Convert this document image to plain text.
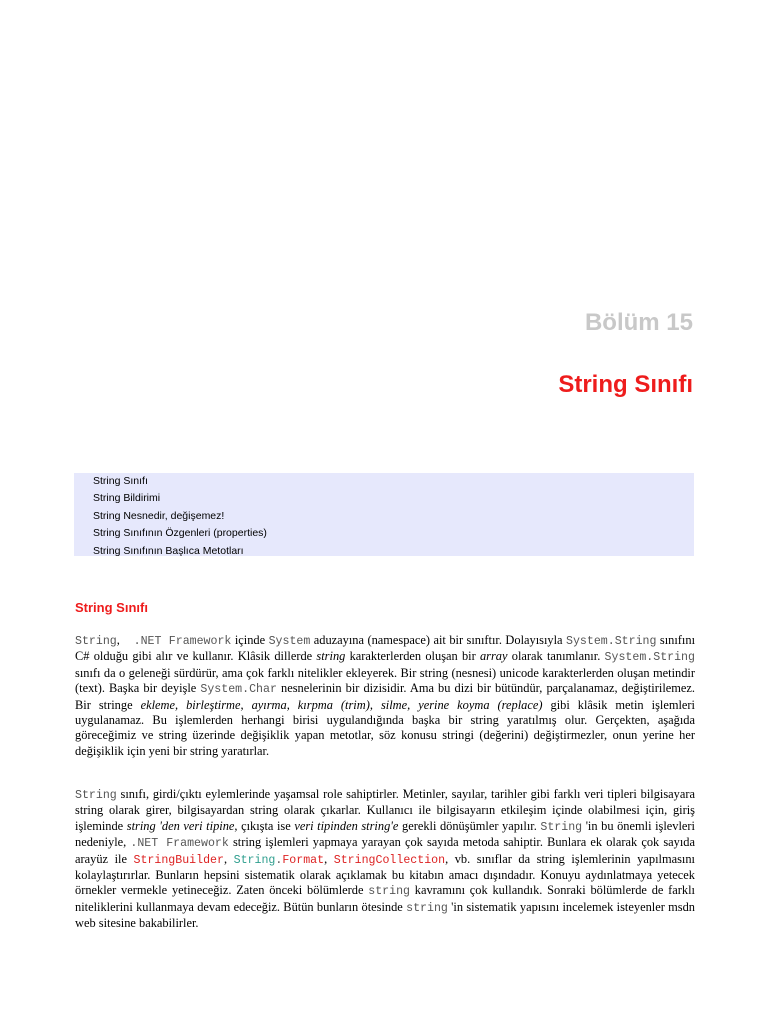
Bölüm 15
String Sınıfı
String Sınıfı
String Bildirimi
String Nesnedir, değişemez!
String Sınıfının Özgenleri (properties)
String Sınıfının Başlıca Metotları
String Sınıfı

String,    .NET Framework içinde System aduzayına (namespace) ait bir sınıftır. Dolayısıyla System.String sınıfını C# olduğu gibi alır ve kullanır. Klâsik dillerde string karakterlerden oluşan bir array olarak tanımlanır. System.String sınıfı da o geleneği sürdürür, ama çok farklı nitelikler ekleyerek. Bir string (nesnesi) unicode karakterlerden oluşan metindir (text). Başka bir deyişle System.Char nesnelerinin bir dizisidir. Ama bu dizi bir bütündür, parçalanamaz, değiştirilemez. Bir stringe ekleme, birleştirme, ayırma, kırpma (trim), silme, yerine koyma (replace) gibi klâsik metin işlemleri uygulanamaz. Bu işlemlerden herhangi birisi uygulandığında başka bir string yaratılmış olur. Gerçekten, aşağıda göreceğimiz ve string üzerinde değişiklik yapan metotlar, söz konusu stringi (değerini) değiştirmezler, onun yerine her değişiklik için yeni bir string yaratırlar.

String sınıfı, girdi/çıktı eylemlerinde yaşamsal role sahiptirler. Metinler, sayılar, tarihler gibi farklı veri tipleri bilgisayara string olarak girer, bilgisayardan string olarak çıkarlar. Kullanıcı ile bilgisayarın etkileşim içinde olabilmesi için, giriş işleminde string 'den veri tipine, çıkışta ise veri tipinden string'e gerekli dönüşümler yapılır. String 'in bu önemli işlevleri nedeniyle, .NET Framework string işlemleri yapmaya yarayan çok sayıda metoda sahiptir. Bunlara ek olarak çok sayıda arayüz ile StringBuilder, String.Format, StringCollection, vb. sınıflar da string işlemlerinin yapılmasını kolaylaştırırlar. Bunların hepsini sistematik olarak açıklamak bu kitabın amacı dışındadır. Konuyu aydınlatmaya yetecek örnekler vermekle yetineceğiz. Zaten önceki bölümlerde string kavramını çok kullandık. Sonraki bölümlerde de farklı niteliklerini kullanmaya devam edeceğiz. Bütün bunların ötesinde string 'in sistematik yapısını incelemek isteyenler msdn web sitesine bakabilirler.
